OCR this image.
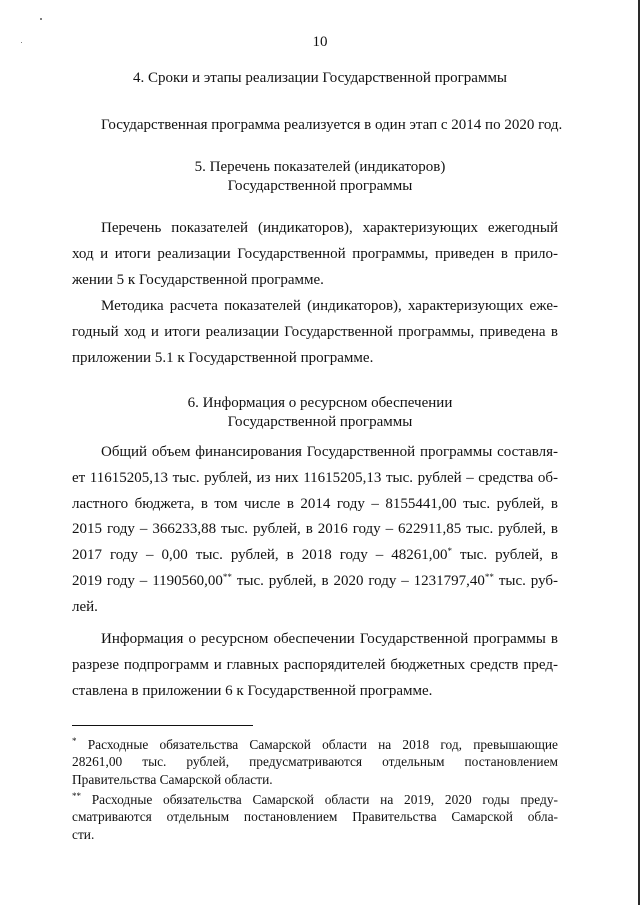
10
4. Сроки и этапы реализации Государственной программы
Государственная программа реализуется в один этап с 2014 по 2020 год.
5. Перечень показателей (индикаторов)
Государственной программы
Перечень показателей (индикаторов), характеризующих ежегодный
ход и итоги реализации Государственной программы, приведен в прило-
жении 5 к Государственной программе.
Методика расчета показателей (индикаторов), характеризующих еже-
годный ход и итоги реализации Государственной программы, приведена в
приложении 5.1 к Государственной программе.
6. Информация о ресурсном обеспечении
Государственной программы
Общий объем финансирования Государственной программы составля-
ет 11615205,13 тыс. рублей, из них 11615205,13 тыс. рублей – средства об-
ластного бюджета, в том числе в 2014 году – 8155441,00 тыс. рублей, в
2015 году – 366233,88 тыс. рублей, в 2016 году – 622911,85 тыс. рублей, в
2017 году – 0,00 тыс. рублей, в 2018 году – 48261,00* тыс. рублей, в
2019 году – 1190560,00** тыс. рублей, в 2020 году – 1231797,40** тыс. руб-
лей.
Информация о ресурсном обеспечении Государственной программы в
разрезе подпрограмм и главных распорядителей бюджетных средств пред-
ставлена в приложении 6 к Государственной программе.
* Расходные обязательства Самарской области на 2018 год, превышающие
28261,00 тыс. рублей, предусматриваются отдельным постановлением
Правительства Самарской области.
** Расходные обязательства Самарской области на 2019, 2020 годы преду-
сматриваются отдельным постановлением Правительства Самарской обла-
сти.
